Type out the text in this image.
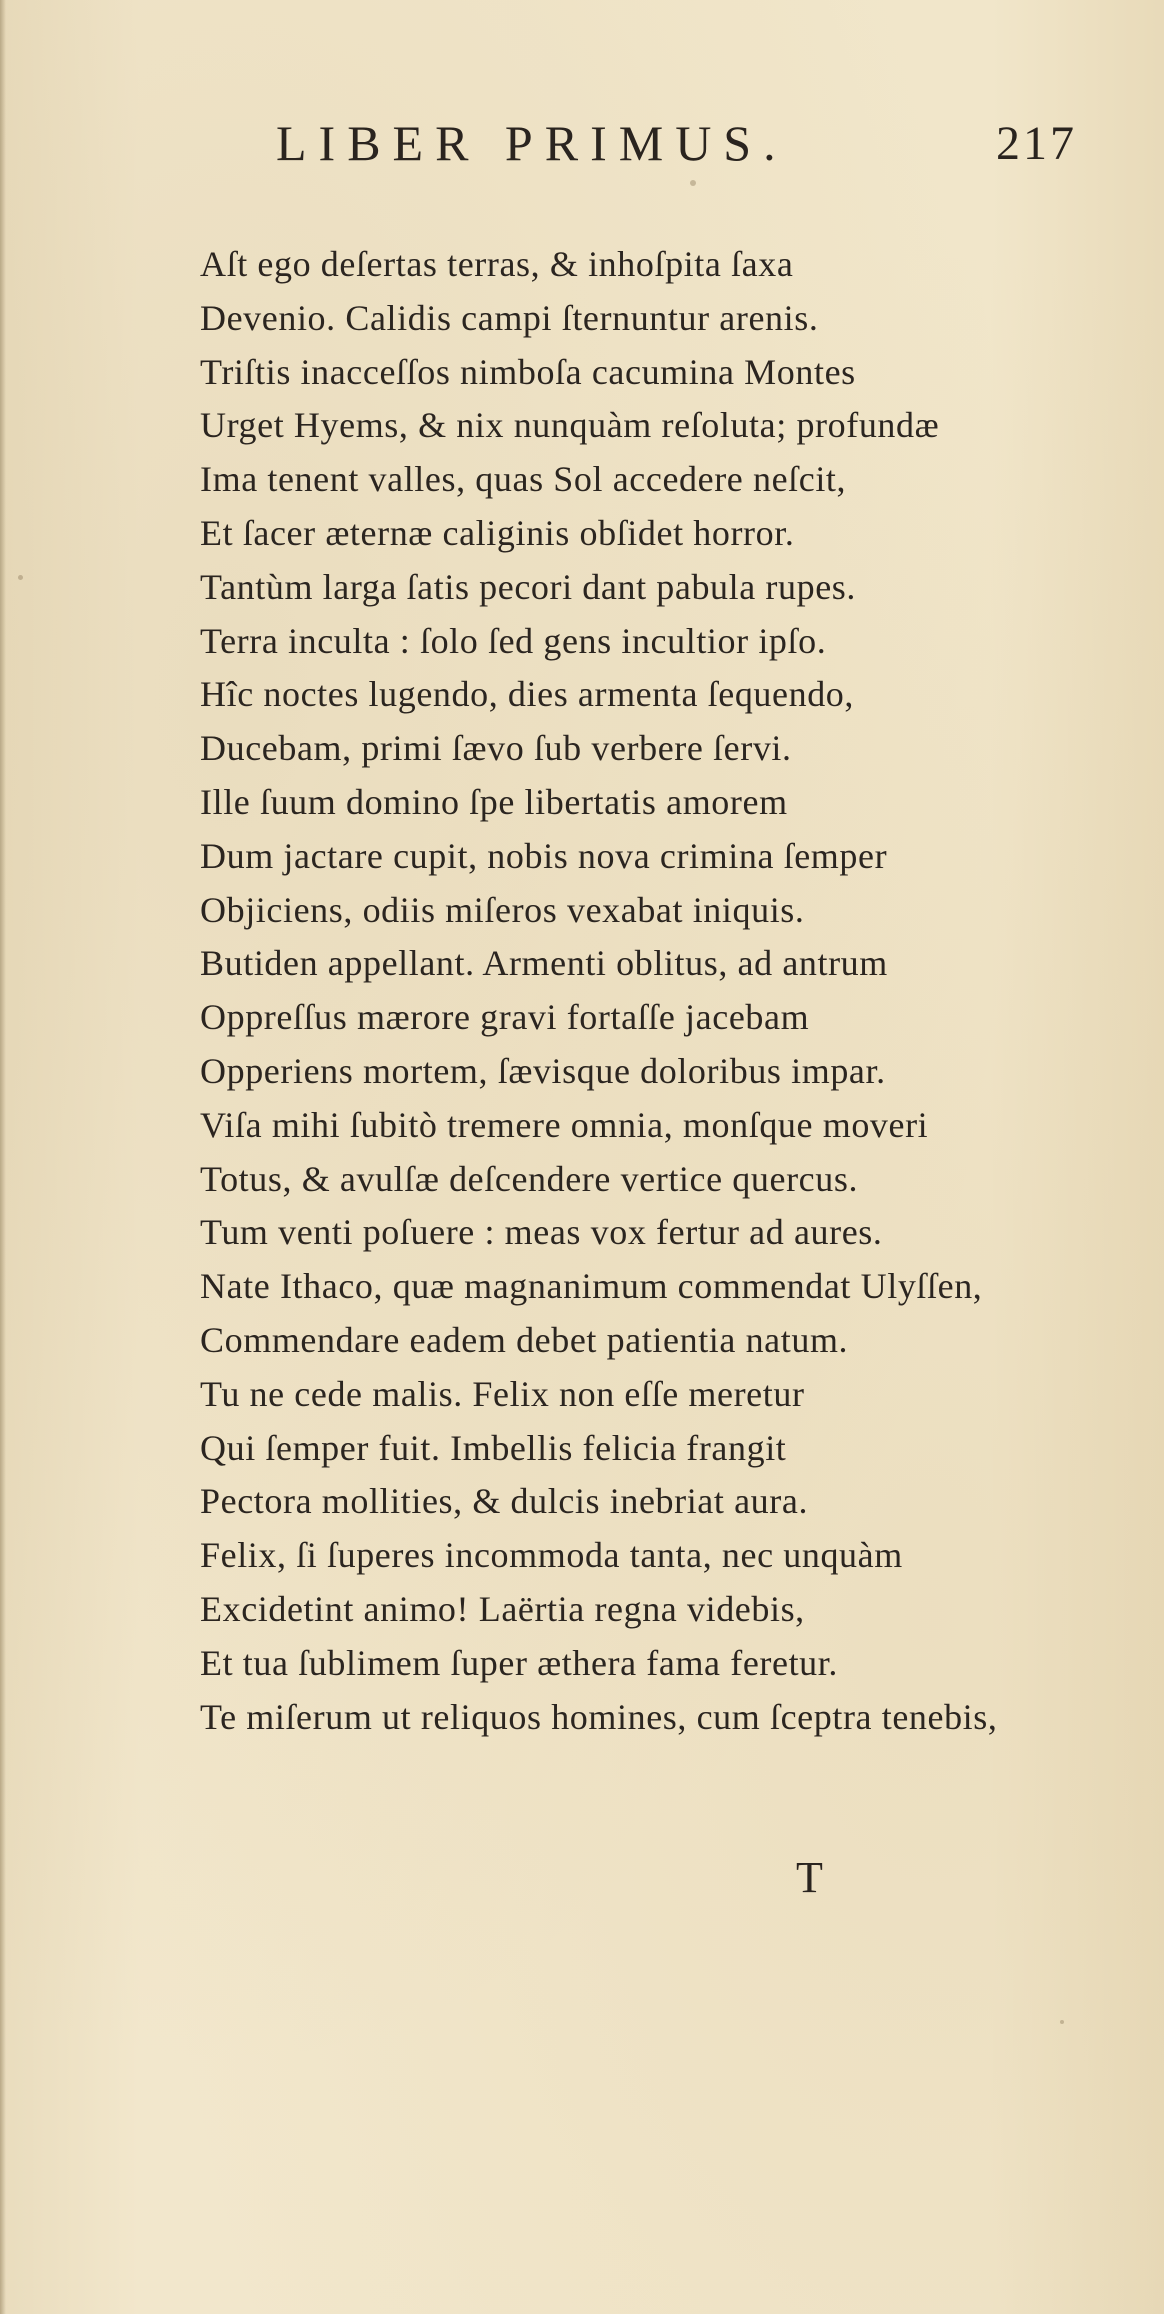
LIBER PRIMUS.	217
Aſt ego deſertas terras, & inhoſpita ſaxa
Devenio. Calidis campi ſternuntur arenis.
Triſtis inacceſſos nimboſa cacumina Montes
Urget Hyems, & nix nunquàm reſoluta; profundæ
Ima tenent valles, quas Sol accedere neſcit,
Et ſacer æternæ caliginis obſidet horror.
Tantùm larga ſatis pecori dant pabula rupes.
Terra inculta : ſolo ſed gens incultior ipſo.
Hîc noctes lugendo, dies armenta ſequendo,
Ducebam, primi ſævo ſub verbere ſervi.
Ille ſuum domino ſpe libertatis amorem
Dum jactare cupit, nobis nova crimina ſemper
Objiciens, odiis miſeros vexabat iniquis.
Butiden appellant. Armenti oblitus, ad antrum
Oppreſſus mærore gravi fortaſſe jacebam
Opperiens mortem, ſævisque doloribus impar.
Viſa mihi ſubitò tremere omnia, monſque moveri
Totus, & avulſæ deſcendere vertice quercus.
Tum venti poſuere : meas vox fertur ad aures.
Nate Ithaco, quæ magnanimum commendat Ulyſſen,
Commendare eadem debet patientia natum.
Tu ne cede malis. Felix non eſſe meretur
Qui ſemper fuit. Imbellis felicia frangit
Pectora mollities, & dulcis inebriat aura.
Felix, ſi ſuperes incommoda tanta, nec unquàm
Excidetint animo! Laërtia regna videbis,
Et tua ſublimem ſuper æthera fama feretur.
Te miſerum ut reliquos homines, cum ſceptra tenebis,
T
